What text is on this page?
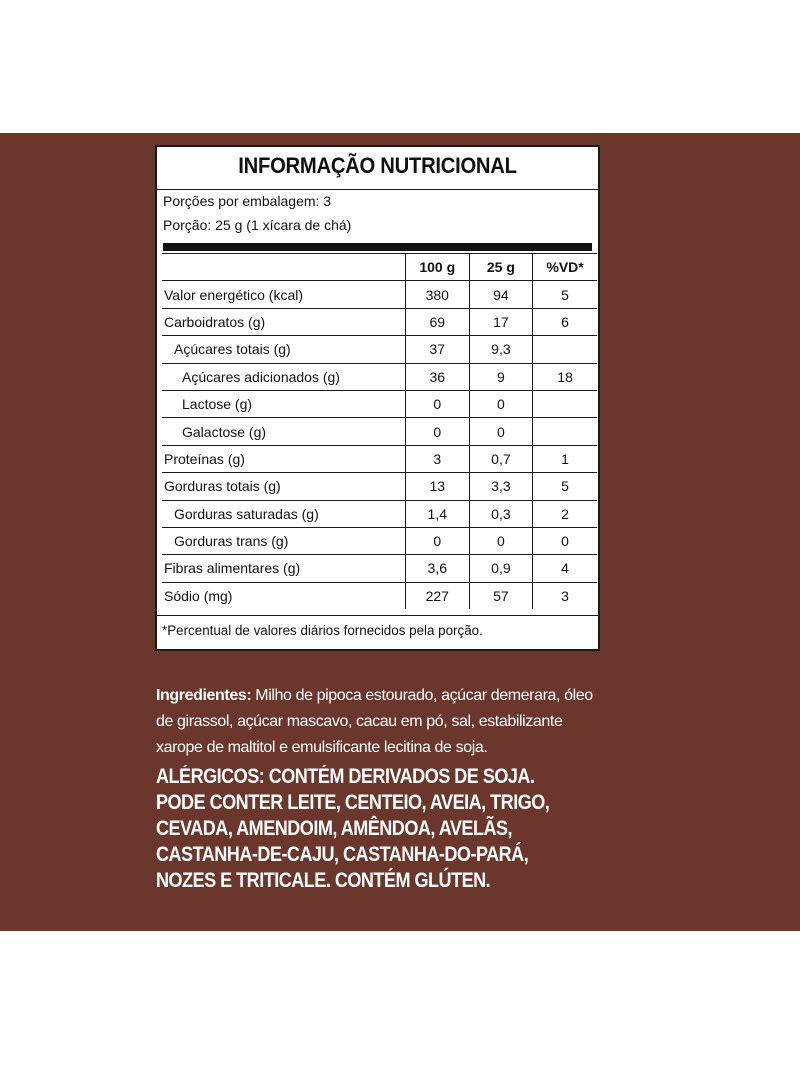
INFORMAÇÃO NUTRICIONAL
Porções por embalagem: 3
Porção: 25 g (1 xícara de chá)
	100 g	25 g	%VD*
Valor energético (kcal)	380	94	5
Carboidratos (g)	69	17	6
Açúcares totais (g)	37	9,3	
Açúcares adicionados (g)	36	9	18
Lactose (g)	0	0	
Galactose (g)	0	0	
Proteínas (g)	3	0,7	1
Gorduras totais (g)	13	3,3	5
Gorduras saturadas (g)	1,4	0,3	2
Gorduras trans (g)	0	0	0
Fibras alimentares (g)	3,6	0,9	4
Sódio (mg)	227	57	3
*Percentual de valores diários fornecidos pela porção.
Ingredientes: Milho de pipoca estourado, açúcar demerara, óleo de girassol, açúcar mascavo, cacau em pó, sal, estabilizante xarope de maltitol e emulsificante lecitina de soja.
ALÉRGICOS: CONTÉM DERIVADOS DE SOJA. PODE CONTER LEITE, CENTEIO, AVEIA, TRIGO, CEVADA, AMENDOIM, AMÊNDOA, AVELÃS, CASTANHA-DE-CAJU, CASTANHA-DO-PARÁ, NOZES E TRITICALE. CONTÉM GLÚTEN.
